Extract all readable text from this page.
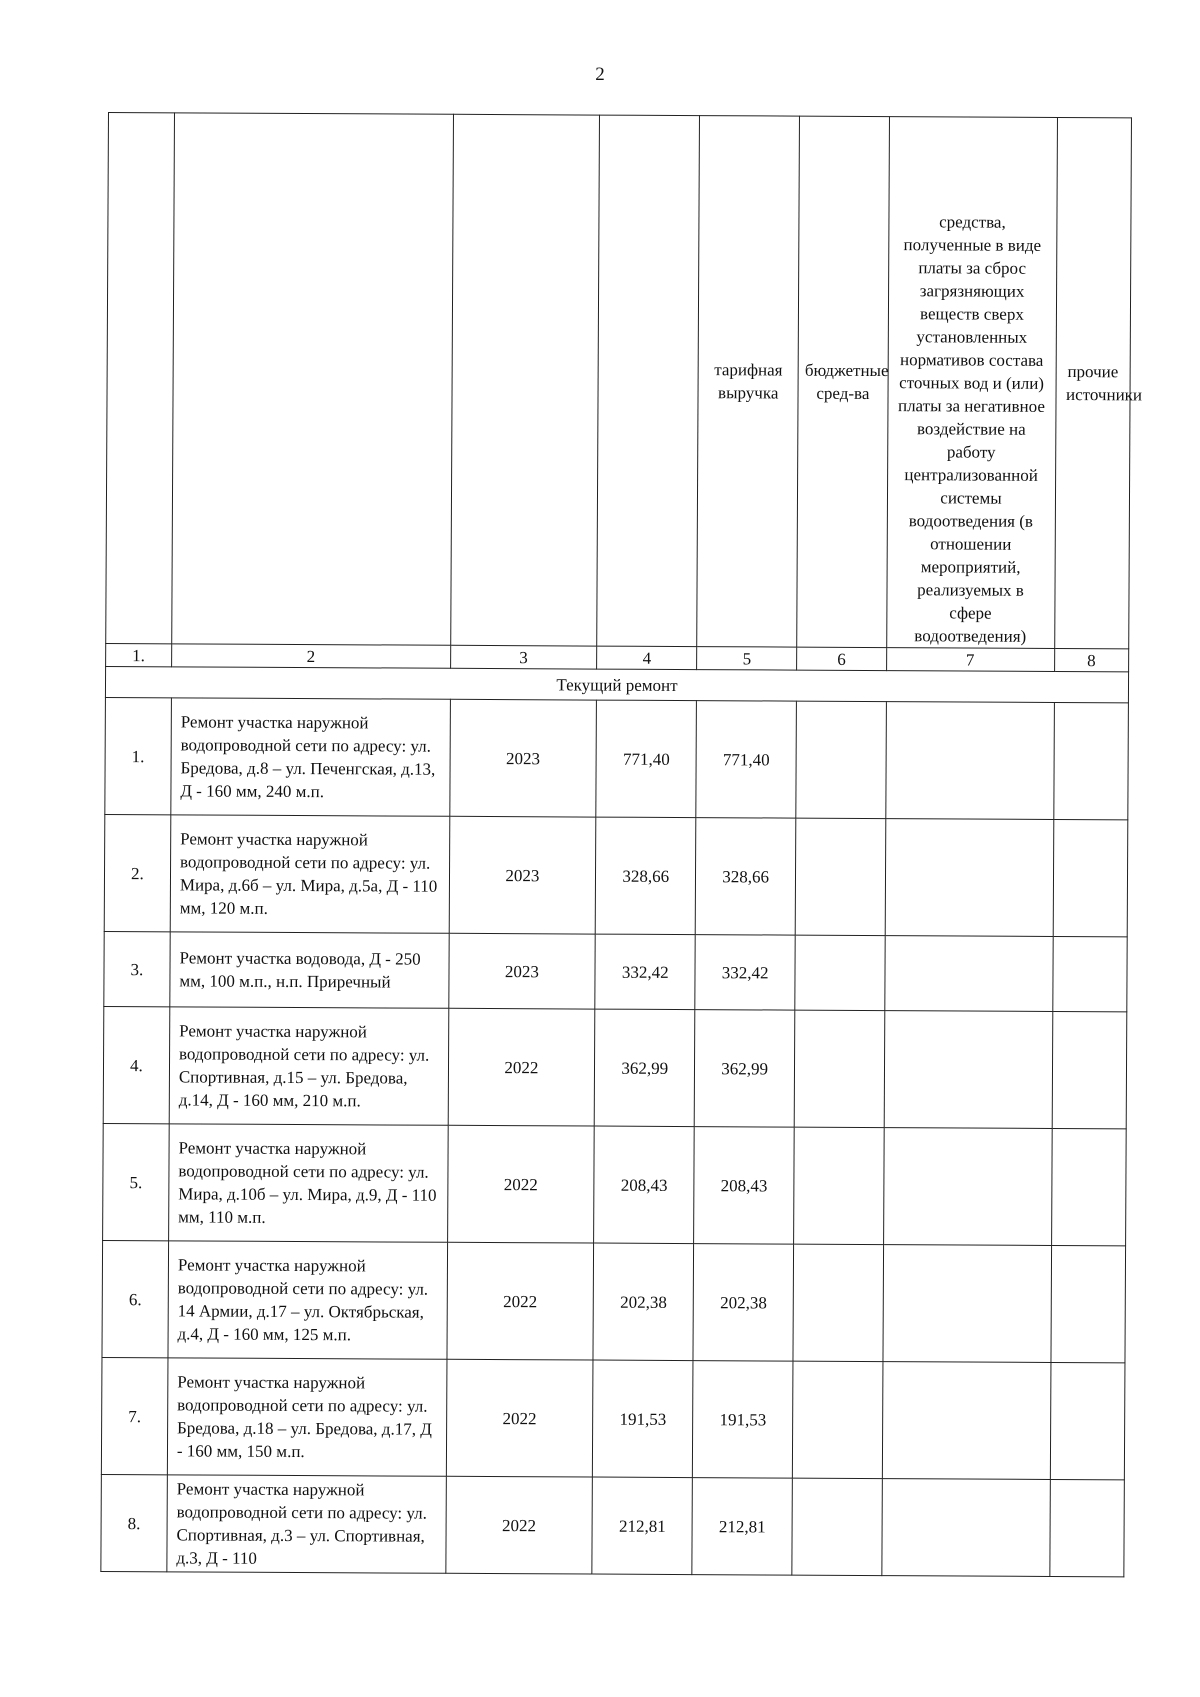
2
				тарифная выручка	бюджетные сред-ва	средства, полученные в виде платы за сброс загрязняющих веществ сверх установленных нормативов состава сточных вод и (или) платы за негативное воздействие на работу централизованной системы водоотведения (в отношении мероприятий, реализуемых в сфере водоотведения)	прочие источники
1.	2	3	4	5	6	7	8
Текущий ремонт							
1.	Ремонт участка наружной водопроводной сети по адресу: ул. Бредова, д.8 – ул. Печенгская, д.13, Д - 160 мм, 240 м.п.	2023	771,40	771,40			
2.	Ремонт участка наружной водопроводной сети по адресу: ул. Мира, д.6б – ул. Мира, д.5а, Д - 110 мм, 120 м.п.	2023	328,66	328,66			
3.	Ремонт участка водовода, Д - 250 мм, 100 м.п., н.п. Приречный	2023	332,42	332,42			
4.	Ремонт участка наружной водопроводной сети по адресу: ул. Спортивная, д.15 – ул. Бредова, д.14, Д - 160 мм, 210 м.п.	2022	362,99	362,99			
5.	Ремонт участка наружной водопроводной сети по адресу: ул. Мира, д.10б – ул. Мира, д.9, Д - 110 мм, 110 м.п.	2022	208,43	208,43			
6.	Ремонт участка наружной водопроводной сети по адресу: ул. 14 Армии, д.17 – ул. Октябрьская, д.4, Д - 160 мм, 125 м.п.	2022	202,38	202,38			
7.	Ремонт участка наружной водопроводной сети по адресу: ул. Бредова, д.18 – ул. Бредова, д.17, Д - 160 мм, 150 м.п.	2022	191,53	191,53			
8.	Ремонт участка наружной водопроводной сети по адресу: ул. Спортивная, д.3 – ул. Спортивная, д.3, Д - 110	2022	212,81	212,81			
